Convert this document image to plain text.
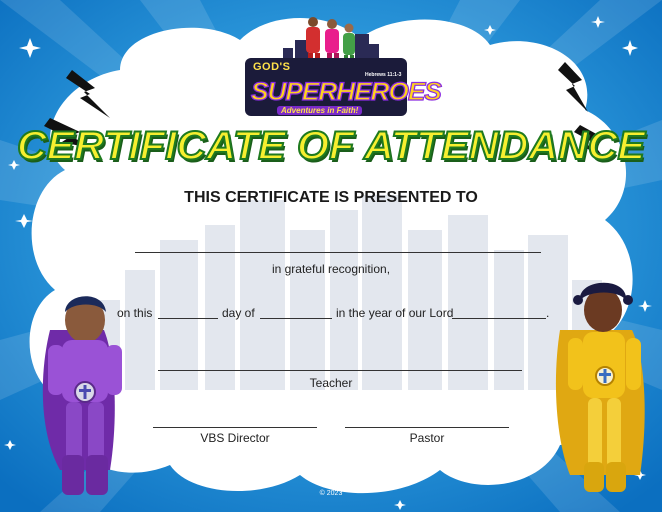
GOD'S
Hebrews 11:1-3
SUPERHEROES
Adventures in Faith!
CERTIFICATE OF ATTENDANCE
THIS CERTIFICATE IS PRESENTED TO
in grateful recognition,
on this	day of	in the year of our Lord	.
Teacher
VBS Director	Pastor
© 2023
